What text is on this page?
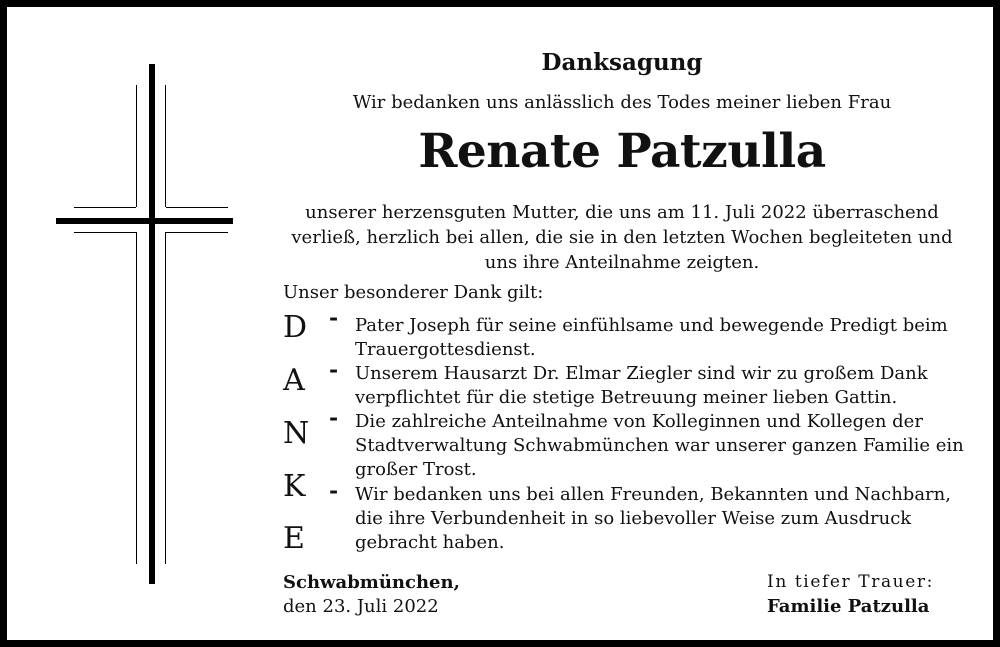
Danksagung
Wir bedanken uns anlässlich des Todes meiner lieben Frau
Renate Patzulla
unserer herzensguten Mutter, die uns am 11. Juli 2022 überraschend verließ, herzlich bei allen, die sie in den letzten Wochen begleiteten und uns ihre Anteilnahme zeigten.
Unser besonderer Dank gilt:
D
A
N
K
E
-
-
-
-
Pater Joseph für seine einfühlsame und bewegende Predigt beim Trauergottesdienst.
Unserem Hausarzt Dr. Elmar Ziegler sind wir zu großem Dank verpflichtet für die stetige Betreuung meiner lieben Gattin.
Die zahlreiche Anteilnahme von Kolleginnen und Kollegen der Stadtverwaltung Schwabmünchen war unserer ganzen Familie ein großer Trost.
Wir bedanken uns bei allen Freunden, Bekannten und Nachbarn, die ihre Verbundenheit in so liebevoller Weise zum Ausdruck gebracht haben.
Schwabmünchen,
den 23. Juli 2022
In tiefer Trauer:
Familie Patzulla
